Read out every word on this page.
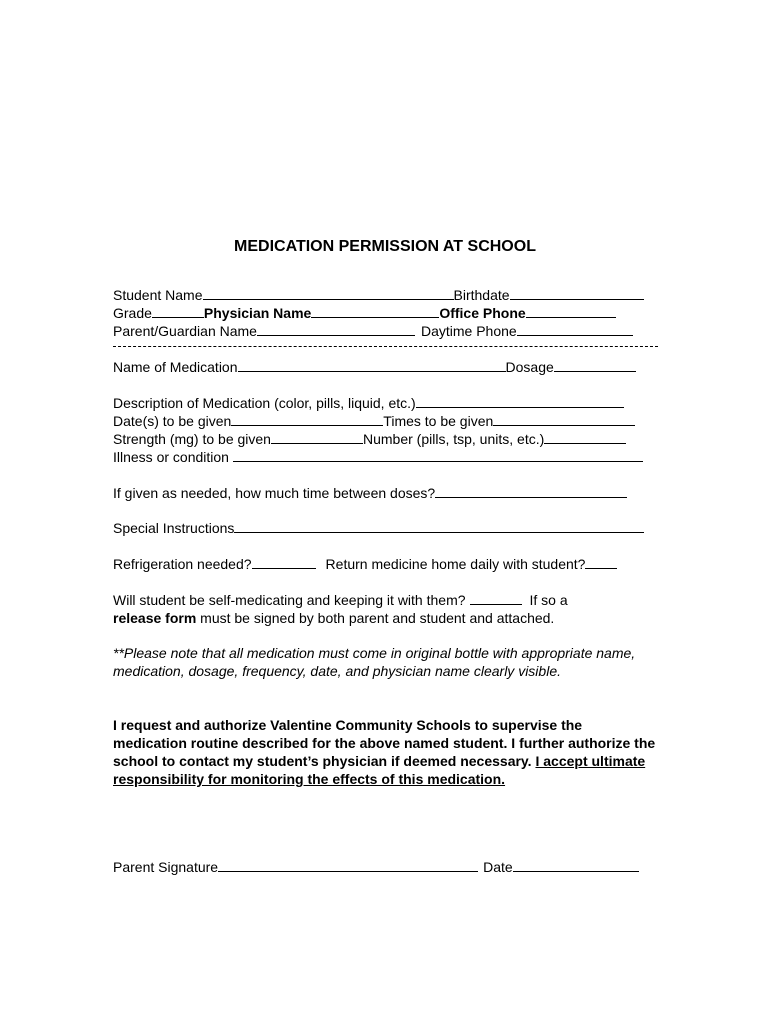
MEDICATION PERMISSION AT SCHOOL
Student Name	Birthdate
Grade	Physician Name	Office Phone
Parent/Guardian Name	Daytime Phone
Name of Medication	Dosage
Description of Medication (color, pills, liquid, etc.)
Date(s) to be given	Times to be given
Strength (mg) to be given	Number (pills, tsp, units, etc.)
Illness or condition
If given as needed, how much time between doses?
Special Instructions
Refrigeration needed?	Return medicine home daily with student?
Will student be self-medicating and keeping it with them?	If so a
release form must be signed by both parent and student and attached.
**Please note that all medication must come in original bottle with appropriate name, medication, dosage, frequency, date, and physician name clearly visible.
I request and authorize Valentine Community Schools to supervise the medication routine described for the above named student. I further authorize the school to contact my student’s physician if deemed necessary. I accept ultimate responsibility for monitoring the effects of this medication.
Parent Signature	Date
